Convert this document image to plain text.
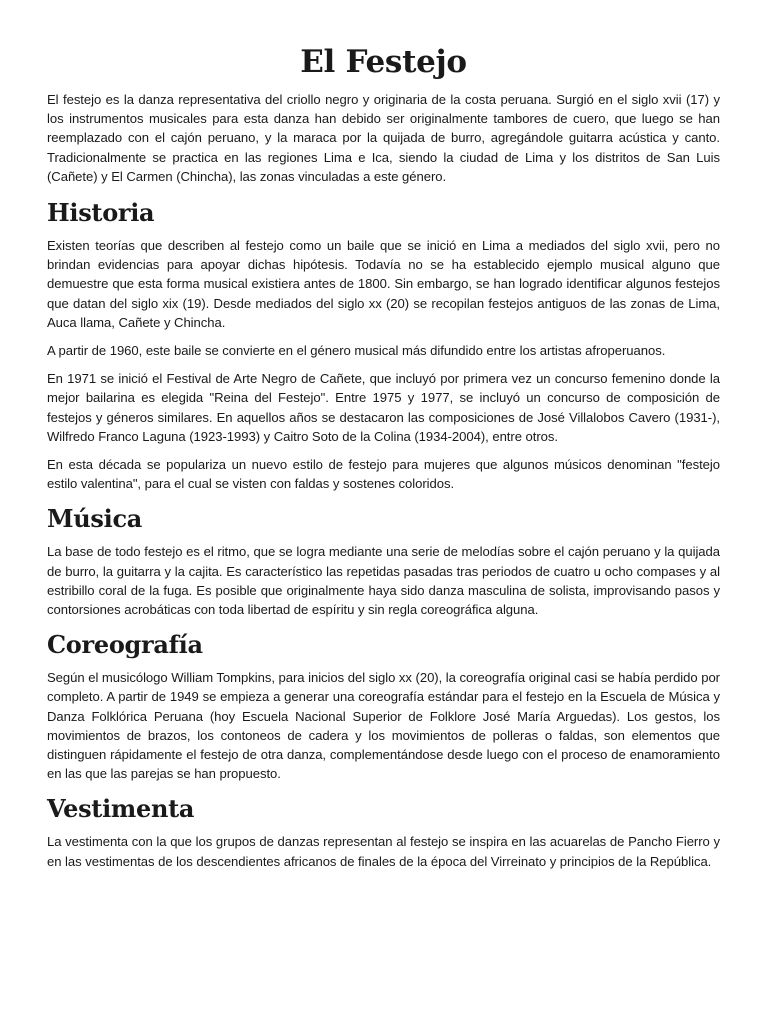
El Festejo

El festejo es la danza representativa del criollo negro y originaria de la costa peruana. Surgió en el siglo xvii (17) y los instrumentos musicales para esta danza han debido ser originalmente tambores de cuero, que luego se han reemplazado con el cajón peruano, y la maraca por la quijada de burro, agregándole guitarra acústica y canto. Tradicionalmente se practica en las regiones Lima e Ica, siendo la ciudad de Lima y los distritos de San Luis (Cañete) y El Carmen (Chincha), las zonas vinculadas a este género.

Historia

Existen teorías que describen al festejo como un baile que se inició en Lima a mediados del siglo xvii, pero no brindan evidencias para apoyar dichas hipótesis. Todavía no se ha establecido ejemplo musical alguno que demuestre que esta forma musical existiera antes de 1800. Sin embargo, se han logrado identificar algunos festejos que datan del siglo xix (19). Desde mediados del siglo xx (20) se recopilan festejos antiguos de las zonas de Lima, Auca llama, Cañete y Chincha.

A partir de 1960, este baile se convierte en el género musical más difundido entre los artistas afroperuanos.

En 1971 se inició el Festival de Arte Negro de Cañete, que incluyó por primera vez un concurso femenino donde la mejor bailarina es elegida "Reina del Festejo". Entre 1975 y 1977, se incluyó un concurso de composición de festejos y géneros similares. En aquellos años se destacaron las composiciones de José Villalobos Cavero (1931-), Wilfredo Franco Laguna (1923-1993) y Caitro Soto de la Colina (1934-2004), entre otros.

En esta década se populariza un nuevo estilo de festejo para mujeres que algunos músicos denominan "festejo estilo valentina", para el cual se visten con faldas y sostenes coloridos.

Música

La base de todo festejo es el ritmo, que se logra mediante una serie de melodías sobre el cajón peruano y la quijada de burro, la guitarra y la cajita. Es característico las repetidas pasadas tras periodos de cuatro u ocho compases y al estribillo coral de la fuga. Es posible que originalmente haya sido danza masculina de solista, improvisando pasos y contorsiones acrobáticas con toda libertad de espíritu y sin regla coreográfica alguna.

Coreografía

Según el musicólogo William Tompkins, para inicios del siglo xx (20), la coreografía original casi se había perdido por completo. A partir de 1949 se empieza a generar una coreografía estándar para el festejo en la Escuela de Música y Danza Folklórica Peruana (hoy Escuela Nacional Superior de Folklore José María Arguedas). Los gestos, los movimientos de brazos, los contoneos de cadera y los movimientos de polleras o faldas, son elementos que distinguen rápidamente el festejo de otra danza, complementándose desde luego con el proceso de enamoramiento en las que las parejas se han propuesto.

Vestimenta

La vestimenta con la que los grupos de danzas representan al festejo se inspira en las acuarelas de Pancho Fierro y en las vestimentas de los descendientes africanos de finales de la época del Virreinato y principios de la República.
